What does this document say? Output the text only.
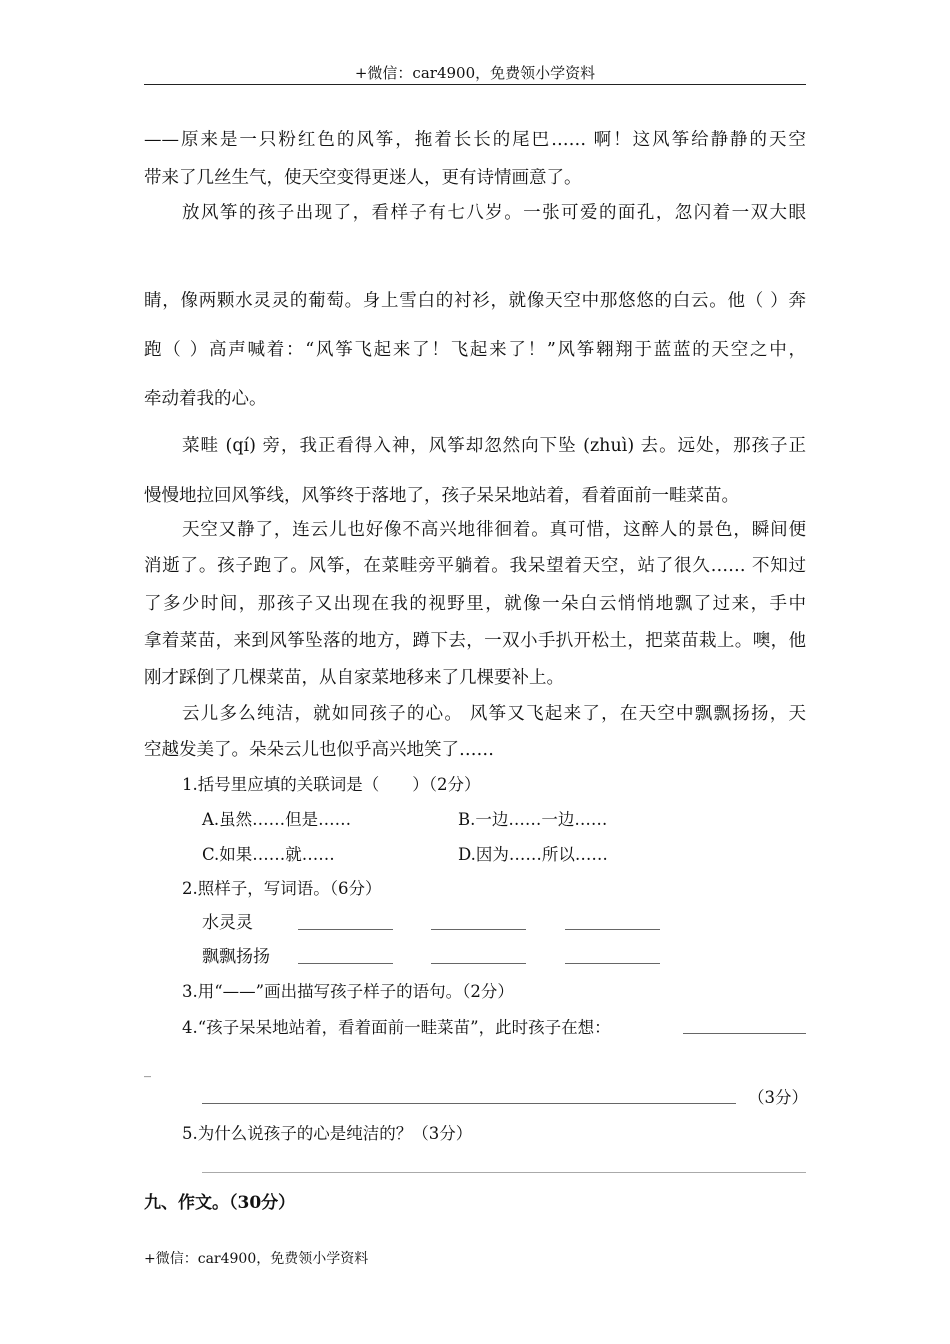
+微信：car4900，免费领小学资料
——原来是一只粉红色的风筝，拖着长长的尾巴…… 啊！这风筝给静静的天空
带来了几丝生气，使天空变得更迷人，更有诗情画意了。
放风筝的孩子出现了，看样子有七八岁。一张可爱的面孔，忽闪着一双大眼
睛，像两颗水灵灵的葡萄。身上雪白的衬衫，就像天空中那悠悠的白云。他（ ）奔
跑（ ）高声喊着：“风筝飞起来了！飞起来了！”风筝翱翔于蓝蓝的天空之中，
牵动着我的心。
菜畦 (qí) 旁，我正看得入神，风筝却忽然向下坠 (zhuì) 去。远处，那孩子正
慢慢地拉回风筝线，风筝终于落地了，孩子呆呆地站着，看着面前一畦菜苗。
天空又静了，连云儿也好像不高兴地徘徊着。真可惜，这醉人的景色，瞬间便
消逝了。孩子跑了。风筝，在菜畦旁平躺着。我呆望着天空，站了很久…… 不知过
了多少时间，那孩子又出现在我的视野里，就像一朵白云悄悄地飘了过来，手中
拿着菜苗，来到风筝坠落的地方，蹲下去，一双小手扒开松土，把菜苗栽上。噢，他
刚才踩倒了几棵菜苗，从自家菜地移来了几棵要补上。
云儿多么纯洁，就如同孩子的心。 风筝又飞起来了，在天空中飘飘扬扬，天
空越发美了。朵朵云儿也似乎高兴地笑了……
1.括号里应填的关联词是（　　）（2分）
A.虽然……但是……	B.一边……一边……
C.如果……就……	D.因为……所以……
2.照样子，写词语。（6分）
水灵灵
飘飘扬扬
3.用“——”画出描写孩子样子的语句。（2分）
4.“孩子呆呆地站着，看着面前一畦菜苗”，此时孩子在想：
_
（3分）
5.为什么说孩子的心是纯洁的？（3分）
九、作文。（30分）
+微信：car4900，免费领小学资料
